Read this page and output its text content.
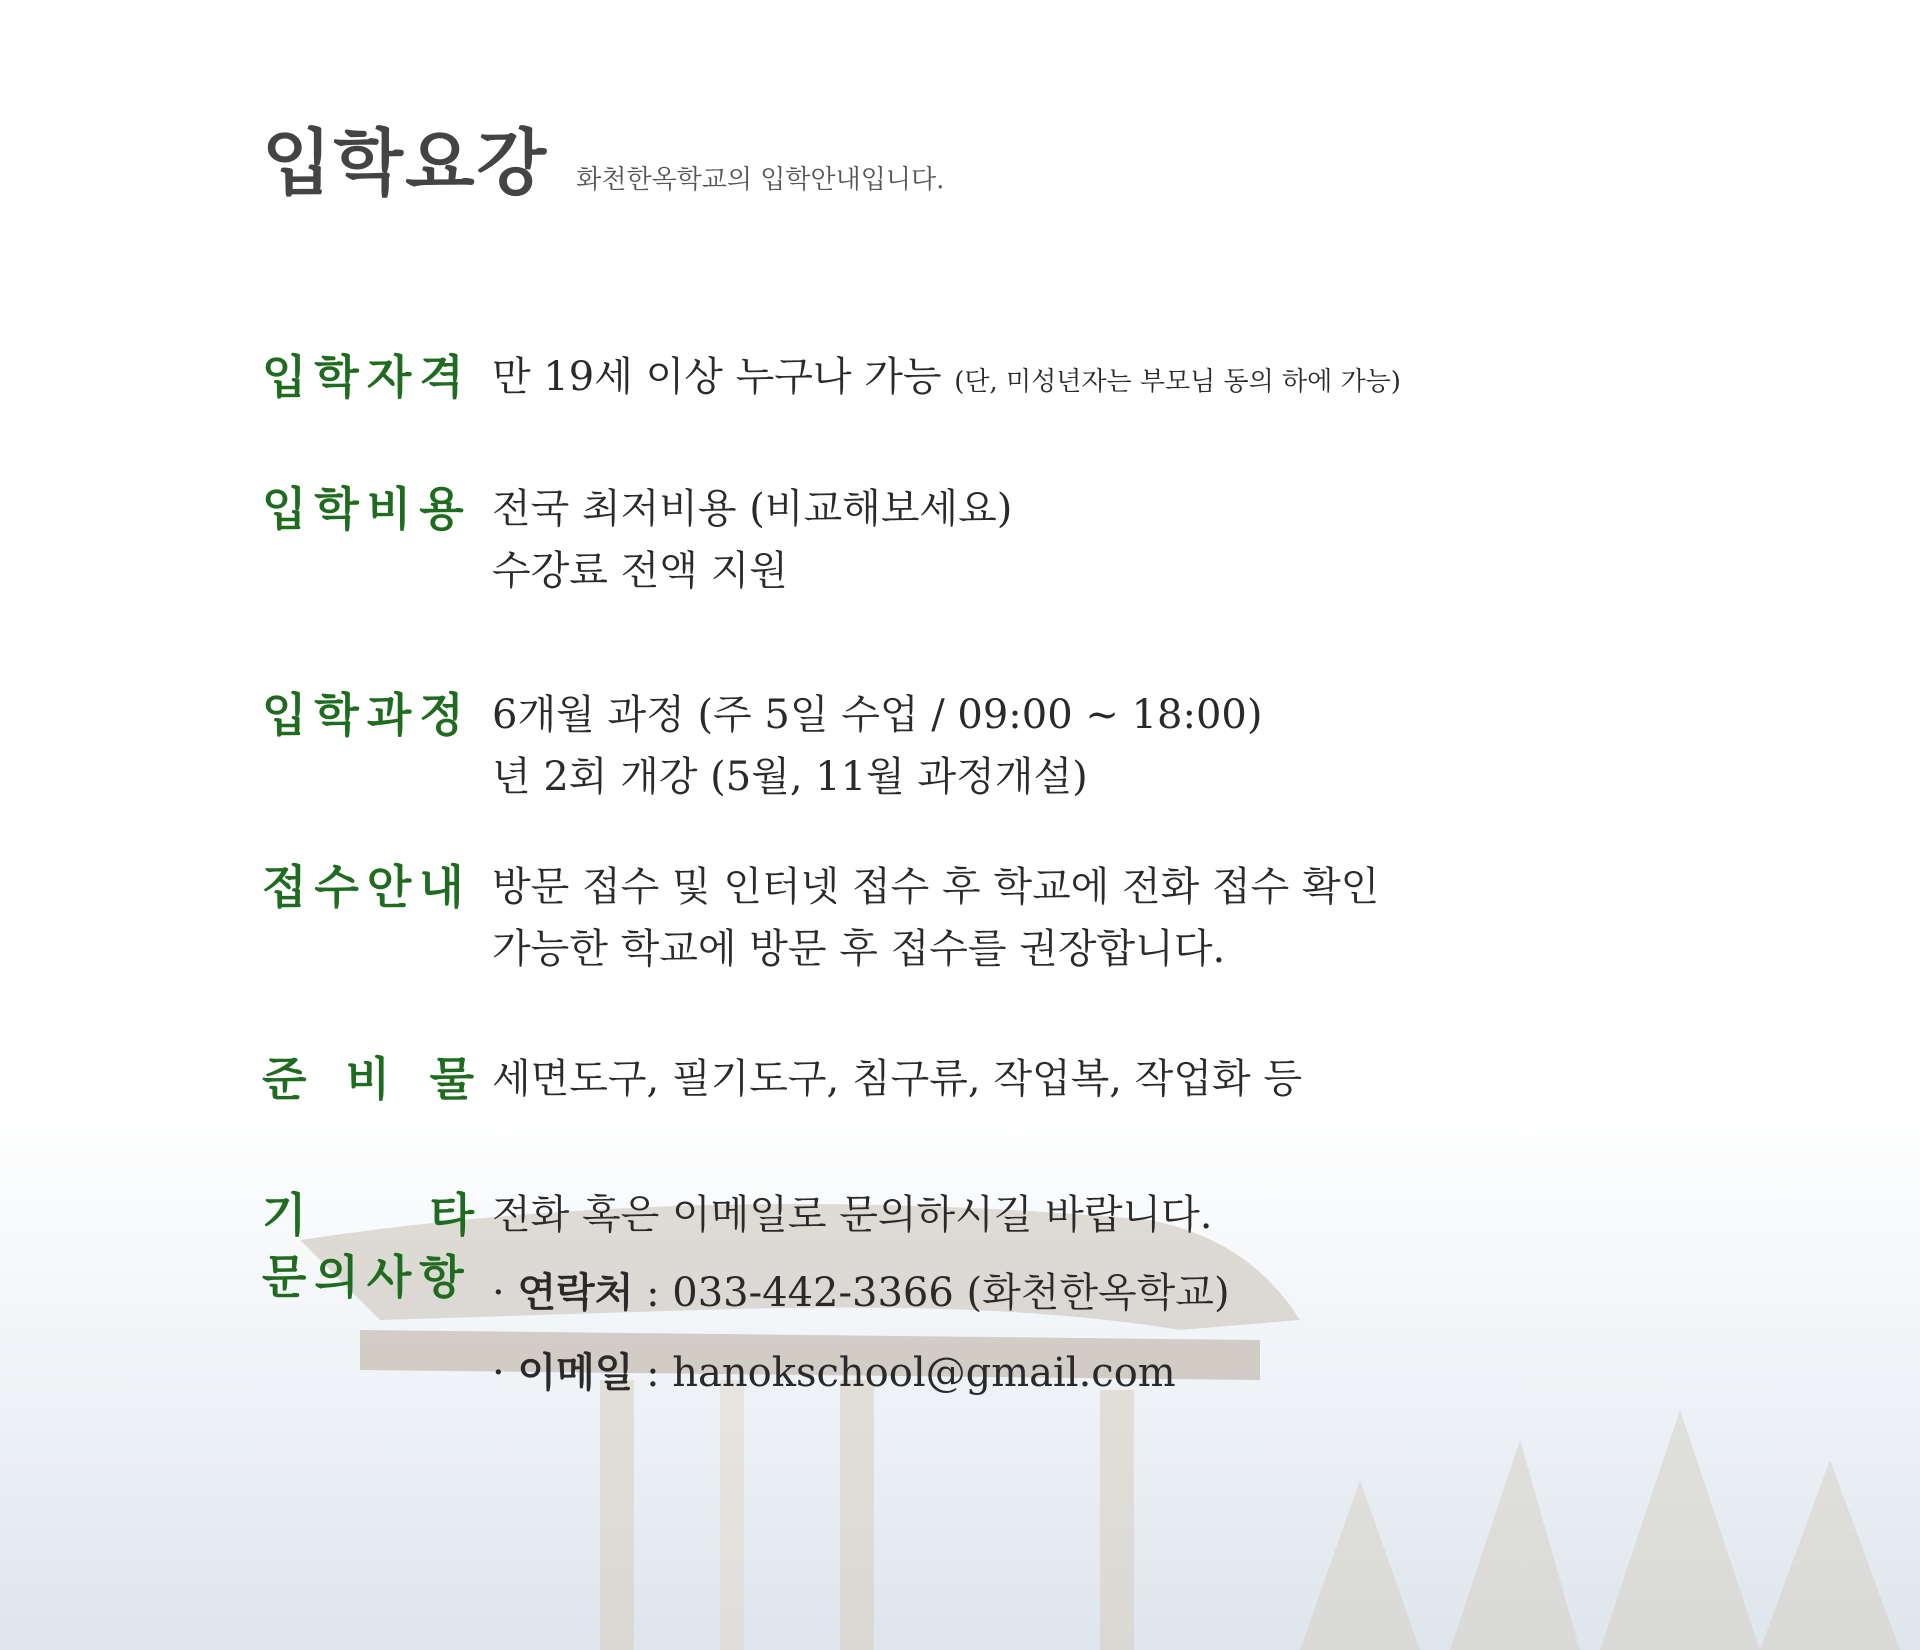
입학요강 화천한옥학교의 입학안내입니다.
입학자격 만 19세 이상 누구나 가능 (단, 미성년자는 부모님 동의 하에 가능)
입학비용 전국 최저비용 (비교해보세요)
수강료 전액 지원
입학과정 6개월 과정 (주 5일 수업 / 09:00 ~ 18:00)
년 2회 개강 (5월, 11월 과정개설)
접수안내 방문 접수 및 인터넷 접수 후 학교에 전화 접수 확인
가능한 학교에 방문 후 접수를 권장합니다.
준 비 물 세면도구, 필기도구, 침구류, 작업복, 작업화 등
기	타
문의사항
전화 혹은 이메일로 문의하시길 바랍니다.
· 연락처 : 033-442-3366 (화천한옥학교)
· 이메일 : hanokschool@gmail.com
